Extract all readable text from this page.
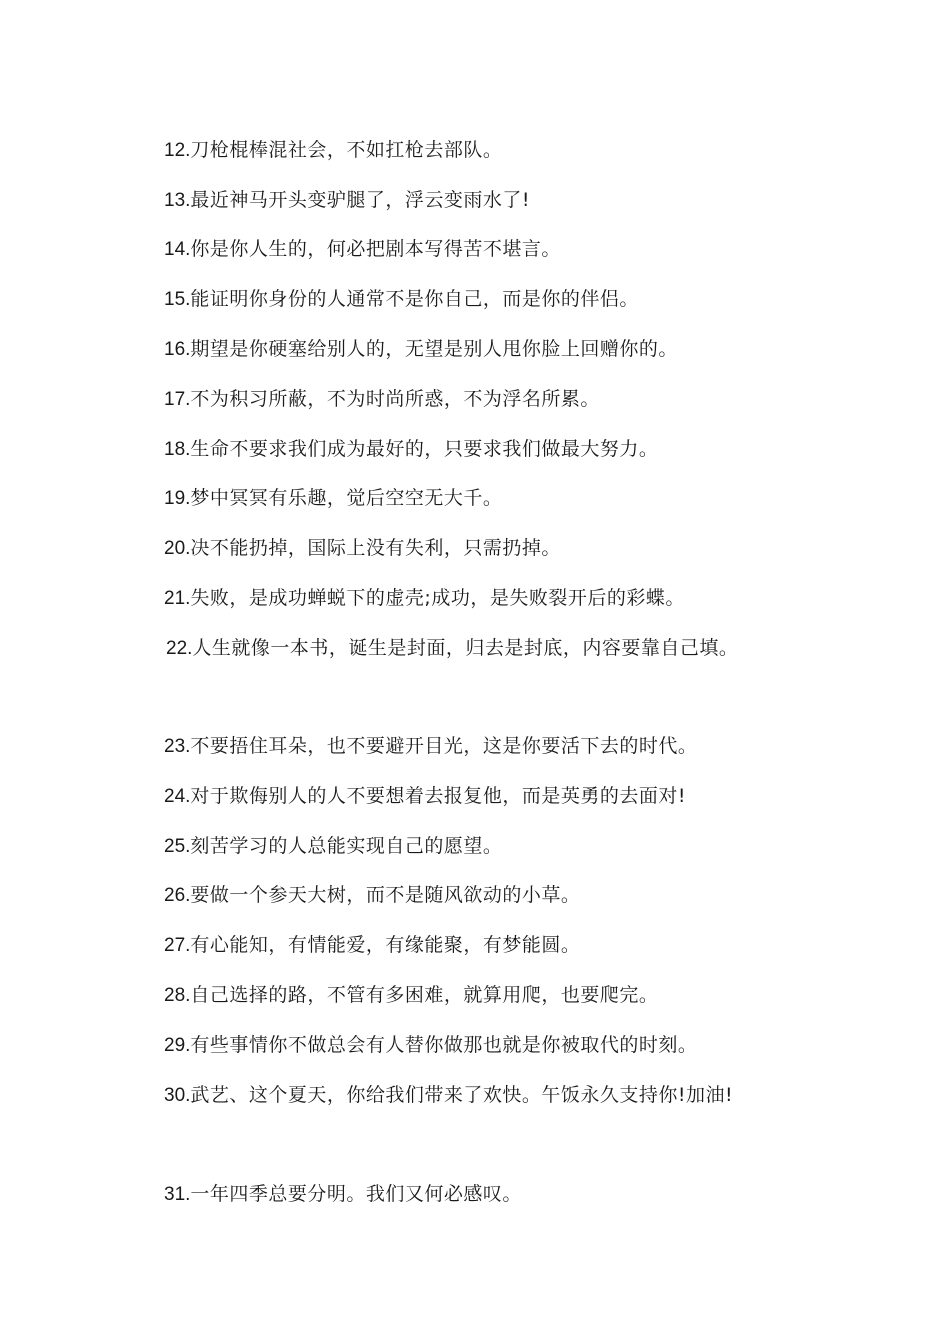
12.刀枪棍棒混社会，不如扛枪去部队。
13.最近神马开头变驴腿了，浮云变雨水了!
14.你是你人生的，何必把剧本写得苦不堪言。
15.能证明你身份的人通常不是你自己，而是你的伴侣。
16.期望是你硬塞给别人的，无望是别人甩你脸上回赠你的。
17.不为积习所蔽，不为时尚所惑，不为浮名所累。
18.生命不要求我们成为最好的，只要求我们做最大努力。
19.梦中冥冥有乐趣，觉后空空无大千。
20.决不能扔掉，国际上没有失利，只需扔掉。
21.失败，是成功蝉蜕下的虚壳;成功，是失败裂开后的彩蝶。
22.人生就像一本书，诞生是封面，归去是封底，内容要靠自己填。
23.不要捂住耳朵，也不要避开目光，这是你要活下去的时代。
24.对于欺侮别人的人不要想着去报复他，而是英勇的去面对!
25.刻苦学习的人总能实现自己的愿望。
26.要做一个参天大树，而不是随风欲动的小草。
27.有心能知，有情能爱，有缘能聚，有梦能圆。
28.自己选择的路，不管有多困难，就算用爬，也要爬完。
29.有些事情你不做总会有人替你做那也就是你被取代的时刻。
30.武艺、这个夏天，你给我们带来了欢快。午饭永久支持你!加油!
31.一年四季总要分明。我们又何必感叹。
